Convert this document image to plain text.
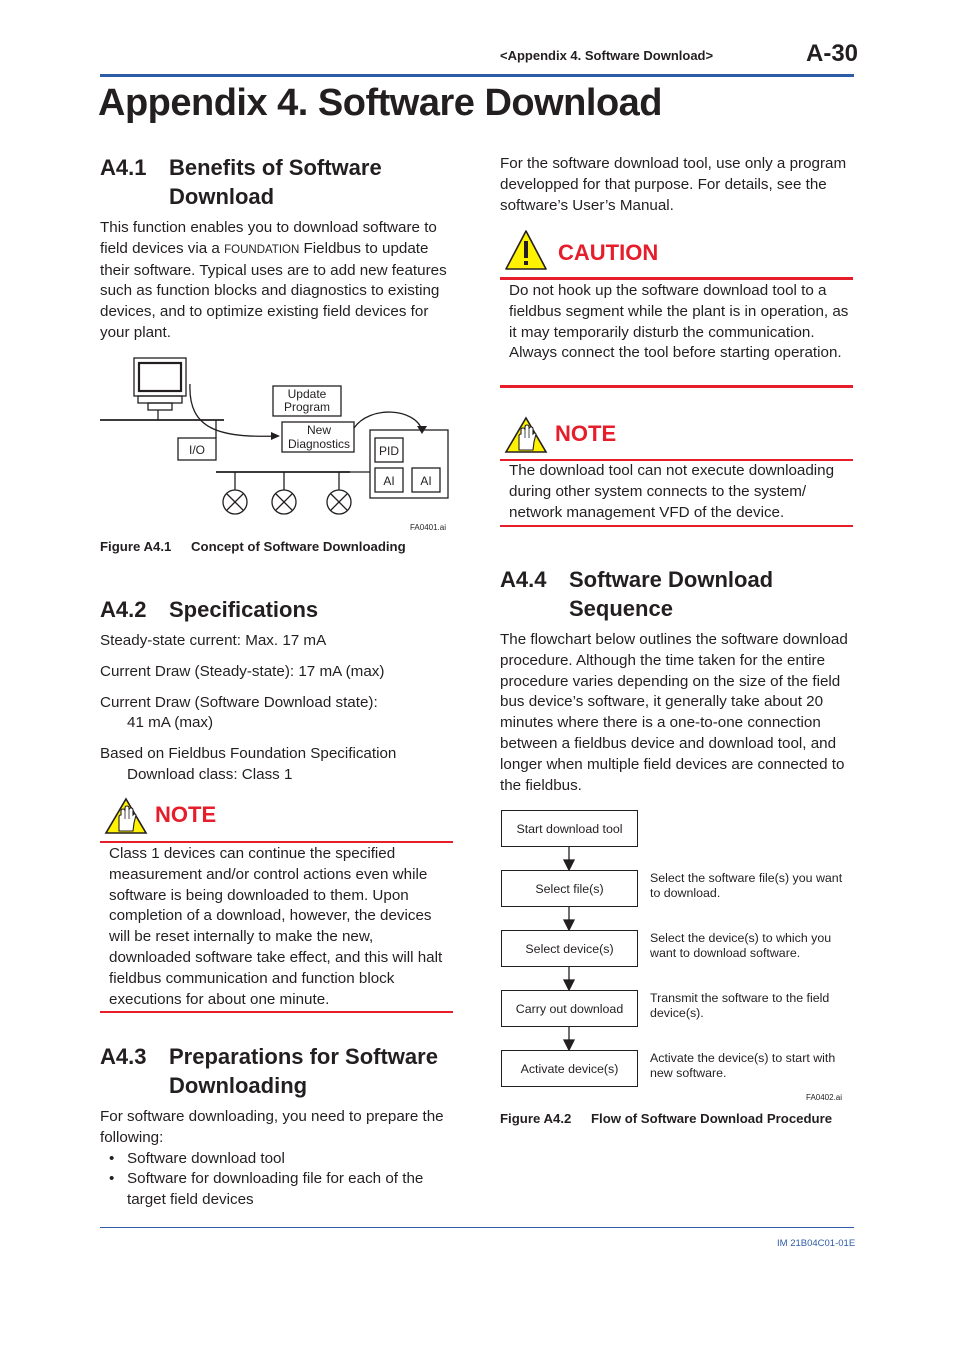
<Appendix 4. Software Download>	A-30
Appendix 4. Software Download
A4.1 Benefits of Software
Download

This function enables you to download software to field devices via a FOUNDATION Fieldbus to update their software. Typical uses are to add new features such as function blocks and diagnostics to existing devices, and to optimize existing field devices for your plant.

Update
Program
New
Diagnostics
I/O	PID
AI AI
FA0401.ai
Figure A4.1 Concept of Software Downloading
A4.2 Specifications

Steady-state current: Max. 17 mA

Current Draw (Steady-state): 17 mA (max)

Current Draw (Software Download state):

41 mA (max)

Based on Fieldbus Foundation Specification

Download class: Class 1

NOTE
Class 1 devices can continue the specified measurement and/or control actions even while software is being downloaded to them. Upon completion of a download, however, the devices will be reset internally to make the new, downloaded software take effect, and this will halt fieldbus communication and function block executions for about one minute.
A4.3 Preparations for Software
Downloading

For software downloading, you need to prepare the following:

• Software download tool
• Software for downloading file for each of the target field devices
For the software download tool, use only a program developped for that purpose. For details, see the software’s User’s Manual.
CAUTION
Do not hook up the software download tool to a fieldbus segment while the plant is in operation, as it may temporarily disturb the communication. Always connect the tool before starting operation.
NOTE
The download tool can not execute downloading during other system connects to the system/ network management VFD of the device.
A4.4 Software Download
Sequence
The flowchart below outlines the software download procedure. Although the time taken for the entire procedure varies depending on the size of the field bus device’s software, it generally take about 20 minutes where there is a one-to-one connection between a fieldbus device and download tool, and longer when multiple field devices are connected to the fieldbus.
Start download tool
Select file(s)
Select device(s)
Carry out download
Activate device(s)
Select the software file(s) you want to download.
Select the device(s) to which you want to download software.
Transmit the software to the field device(s).
Activate the device(s) to start with new software.
FA0402.ai
Figure A4.2 Flow of Software Download Procedure
IM 21B04C01-01E
